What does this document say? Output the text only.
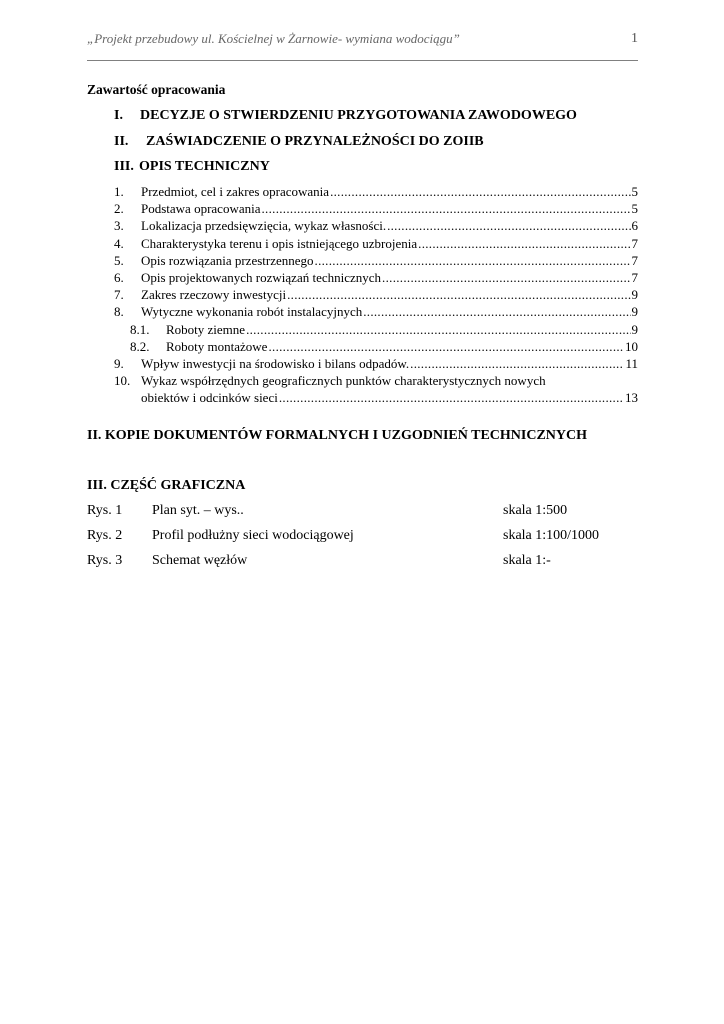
„Projekt przebudowy ul. Kościelnej w Żarnowie- wymiana wodociągu”	1
Zawartość opracowania
I. DECYZJE O STWIERDZENIU PRZYGOTOWANIA ZAWODOWEGO
II. ZAŚWIADCZENIE O PRZYNALEŻNOŚCI DO ZOIIB
III. OPIS TECHNICZNY
1. Przedmiot, cel i zakres opracowania .....	5
2. Podstawa opracowania .....	5
3. Lokalizacja przedsięwzięcia, wykaz własności. .....	6
4. Charakterystyka terenu i opis istniejącego uzbrojenia .....	7
5. Opis rozwiązania przestrzennego .....	7
6. Opis projektowanych rozwiązań technicznych .....	7
7. Zakres rzeczowy inwestycji .....	9
8. Wytyczne wykonania robót instalacyjnych .....	9
8.1. Roboty ziemne .....	9
8.2. Roboty montażowe .....	10
9. Wpływ inwestycji na środowisko i bilans odpadów. .....	11
10. Wykaz współrzędnych geograficznych punktów charakterystycznych nowych
obiektów i odcinków sieci .....	13
II. KOPIE DOKUMENTÓW FORMALNYCH I UZGODNIEŃ TECHNICZNYCH
III. CZĘŚĆ GRAFICZNA
Rys. 1 Plan syt. – wys..	skala 1:500
Rys. 2 Profil podłużny sieci wodociągowej	skala 1:100/1000
Rys. 3 Schemat węzłów	skala 1:-
